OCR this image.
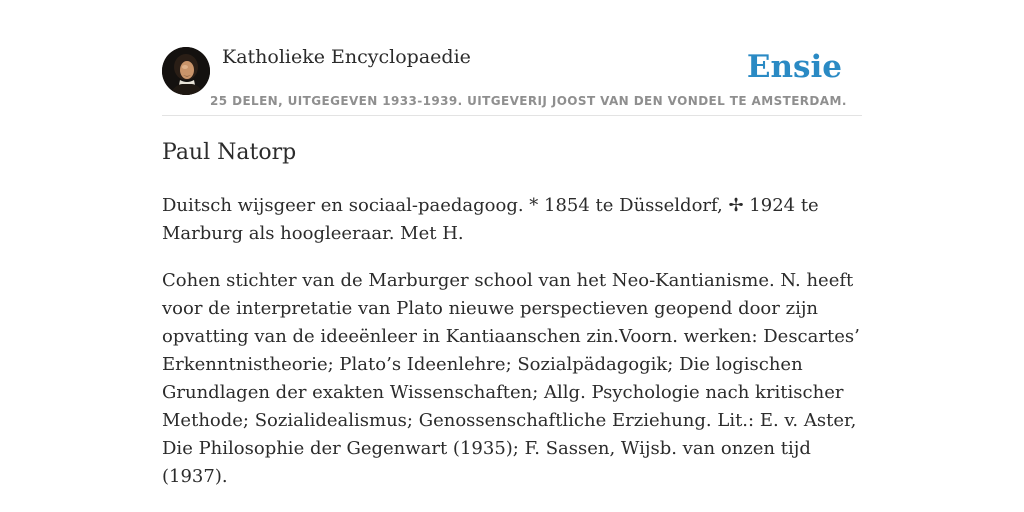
Katholieke Encyclopaedie
25 DELEN, UITGEGEVEN 1933-1939. UITGEVERIJ JOOST VAN DEN VONDEL TE AMSTERDAM.
Ensie
Paul Natorp

Duitsch wijsgeer en sociaal-paedagoog. * 1854 te Düsseldorf, ✢ 1924 te Marburg als hoogleeraar. Met H.

Cohen stichter van de Marburger school van het Neo-Kantianisme. N. heeft voor de interpretatie van Plato nieuwe perspectieven geopend door zijn opvatting van de ideeënleer in Kantiaanschen zin.Voorn. werken: Descartes’ Erkenntnistheorie; Plato’s Ideenlehre; Sozialpädagogik; Die logischen Grundlagen der exakten Wissenschaften; Allg. Psychologie nach kritischer Methode; Sozialidealismus; Genossenschaftliche Erziehung. Lit.: E. v. Aster, Die Philosophie der Gegenwart (1935); F. Sassen, Wijsb. van onzen tijd (1937).
